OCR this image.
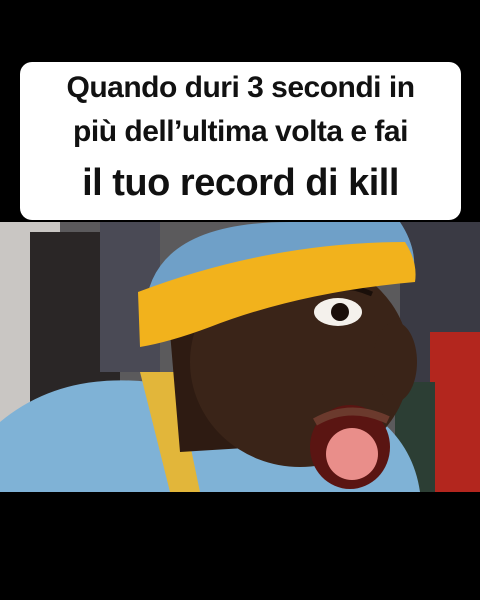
Quando duri 3 secondi in
più dell’ultima volta e fai
il tuo record di kill
